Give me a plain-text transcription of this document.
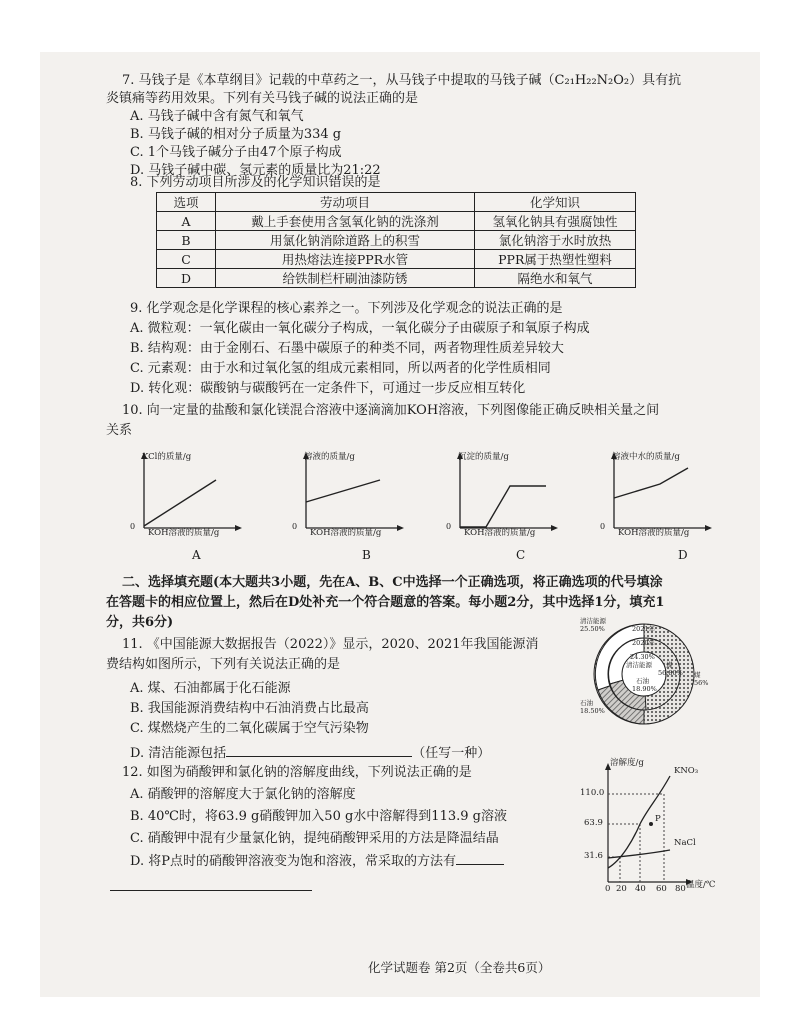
7. 马钱子是《本草纲目》记载的中草药之一，从马钱子中提取的马钱子碱（C₂₁H₂₂N₂O₂）具有抗
炎镇痛等药用效果。下列有关马钱子碱的说法正确的是
A. 马钱子碱中含有氮气和氧气
B. 马钱子碱的相对分子质量为334 g
C. 1个马钱子碱分子由47个原子构成
D. 马钱子碱中碳、氢元素的质量比为21:22
8. 下列劳动项目所涉及的化学知识错误的是
选项	劳动项目	化学知识
A	戴上手套使用含氢氧化钠的洗涤剂	氢氧化钠具有强腐蚀性
B	用氯化钠消除道路上的积雪	氯化钠溶于水时放热
C	用热熔法连接PPR水管	PPR属于热塑性塑料
D	给铁制栏杆刷油漆防锈	隔绝水和氧气
9. 化学观念是化学课程的核心素养之一。下列涉及化学观念的说法正确的是
A. 微粒观：一氧化碳由一氧化碳分子构成，一氧化碳分子由碳原子和氧原子构成
B. 结构观：由于金刚石、石墨中碳原子的种类不同，两者物理性质差异较大
C. 元素观：由于水和过氧化氢的组成元素相同，所以两者的化学性质相同
D. 转化观：碳酸钠与碳酸钙在一定条件下，可通过一步反应相互转化
10. 向一定量的盐酸和氯化镁混合溶液中逐滴滴加KOH溶液，下列图像能正确反映相关量之间
关系
KCl的质量/g
KOH溶液的质量/g
0
A
溶液的质量/g
KOH溶液的质量/g
0
B
沉淀的质量/g
KOH溶液的质量/g
0
C
溶液中水的质量/g
KOH溶液的质量/g
0
D
二、选择填充题(本大题共3小题，先在A、B、C中选择一个正确选项，将正确选项的代号填涂
在答题卡的相应位置上，然后在D处补充一个符合题意的答案。每小题2分，其中选择1分，填充1
分，共6分)
11. 《中国能源大数据报告（2022）》显示，2020、2021年我国能源消
费结构如图所示，下列有关说法正确的是
A. 煤、石油都属于化石能源
B. 我国能源消费结构中石油消费占比最高
C. 煤燃烧产生的二氧化碳属于空气污染物
D. 清洁能源包括	（任写一种）
清洁能源
25.50%	2021年
2020年
24.30%
清洁能源 煤
56.80%
石油
18.90%
煤
56%
石油
18.50%
12. 如图为硝酸钾和氯化钠的溶解度曲线，下列说法正确的是
A. 硝酸钾的溶解度大于氯化钠的溶解度
B. 40℃时，将63.9 g硝酸钾加入50 g水中溶解得到113.9 g溶液
C. 硝酸钾中混有少量氯化钠，提纯硝酸钾采用的方法是降温结晶
D. 将P点时的硝酸钾溶液变为饱和溶液，常采取的方法有
溶解度/g
KNO₃
NaCl
P
110.0
63.9
31.6
0 20 40 60 80 温度/℃
化学试题卷 第2页（全卷共6页）
